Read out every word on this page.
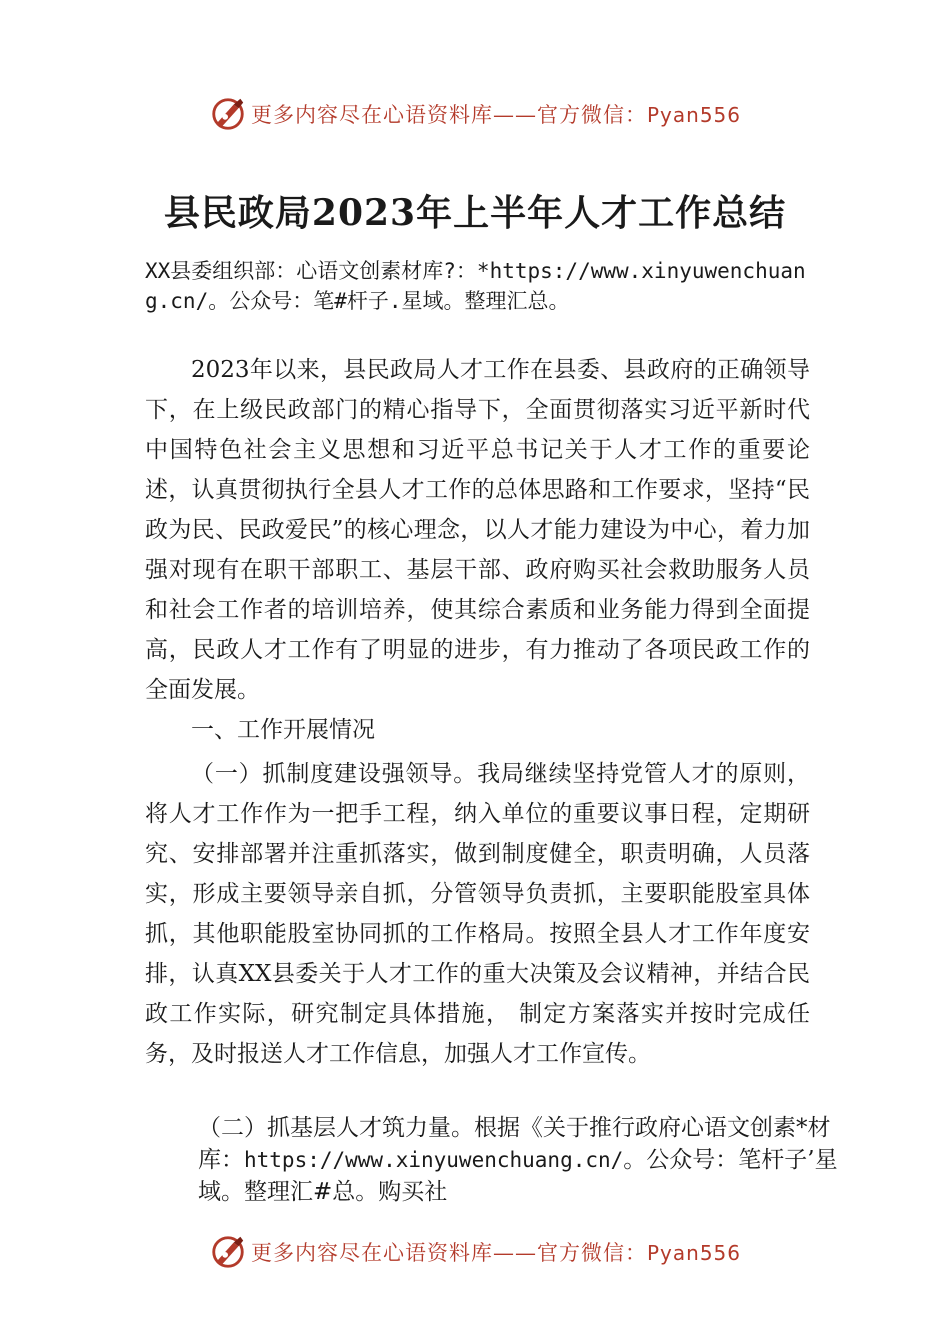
更多内容尽在心语资料库——官方微信：Pyan556
县民政局2023年上半年人才工作总结
XX县委组织部：心语文创素材库?：*https://www.xinyuwenchuang.cn/。公众号：笔#杆子.星域。整理汇总。

2023年以来，县民政局人才工作在县委、县政府的正确领导下，在上级民政部门的精心指导下，全面贯彻落实习近平新时代中国特色社会主义思想和习近平总书记关于人才工作的重要论述，认真贯彻执行全县人才工作的总体思路和工作要求，坚持“民政为民、民政爱民”的核心理念，以人才能力建设为中心，着力加强对现有在职干部职工、基层干部、政府购买社会救助服务人员和社会工作者的培训培养，使其综合素质和业务能力得到全面提高，民政人才工作有了明显的进步，有力推动了各项民政工作的全面发展。

一、工作开展情况

（一）抓制度建设强领导。我局继续坚持党管人才的原则，将人才工作作为一把手工程，纳入单位的重要议事日程，定期研究、安排部署并注重抓落实，做到制度健全，职责明确，人员落实，形成主要领导亲自抓，分管领导负责抓，主要职能股室具体抓，其他职能股室协同抓的工作格局。按照全县人才工作年度安排，认真XX县委关于人才工作的重大决策及会议精神，并结合民政工作实际，研究制定具体措施， 制定方案落实并按时完成任务，及时报送人才工作信息，加强人才工作宣传。

（二）抓基层人才筑力量。根据《关于推行政府心语文创素*材库：https://www.xinyuwenchuang.cn/。公众号：笔杆子’星域。整理汇#总。购买社
更多内容尽在心语资料库——官方微信：Pyan556
